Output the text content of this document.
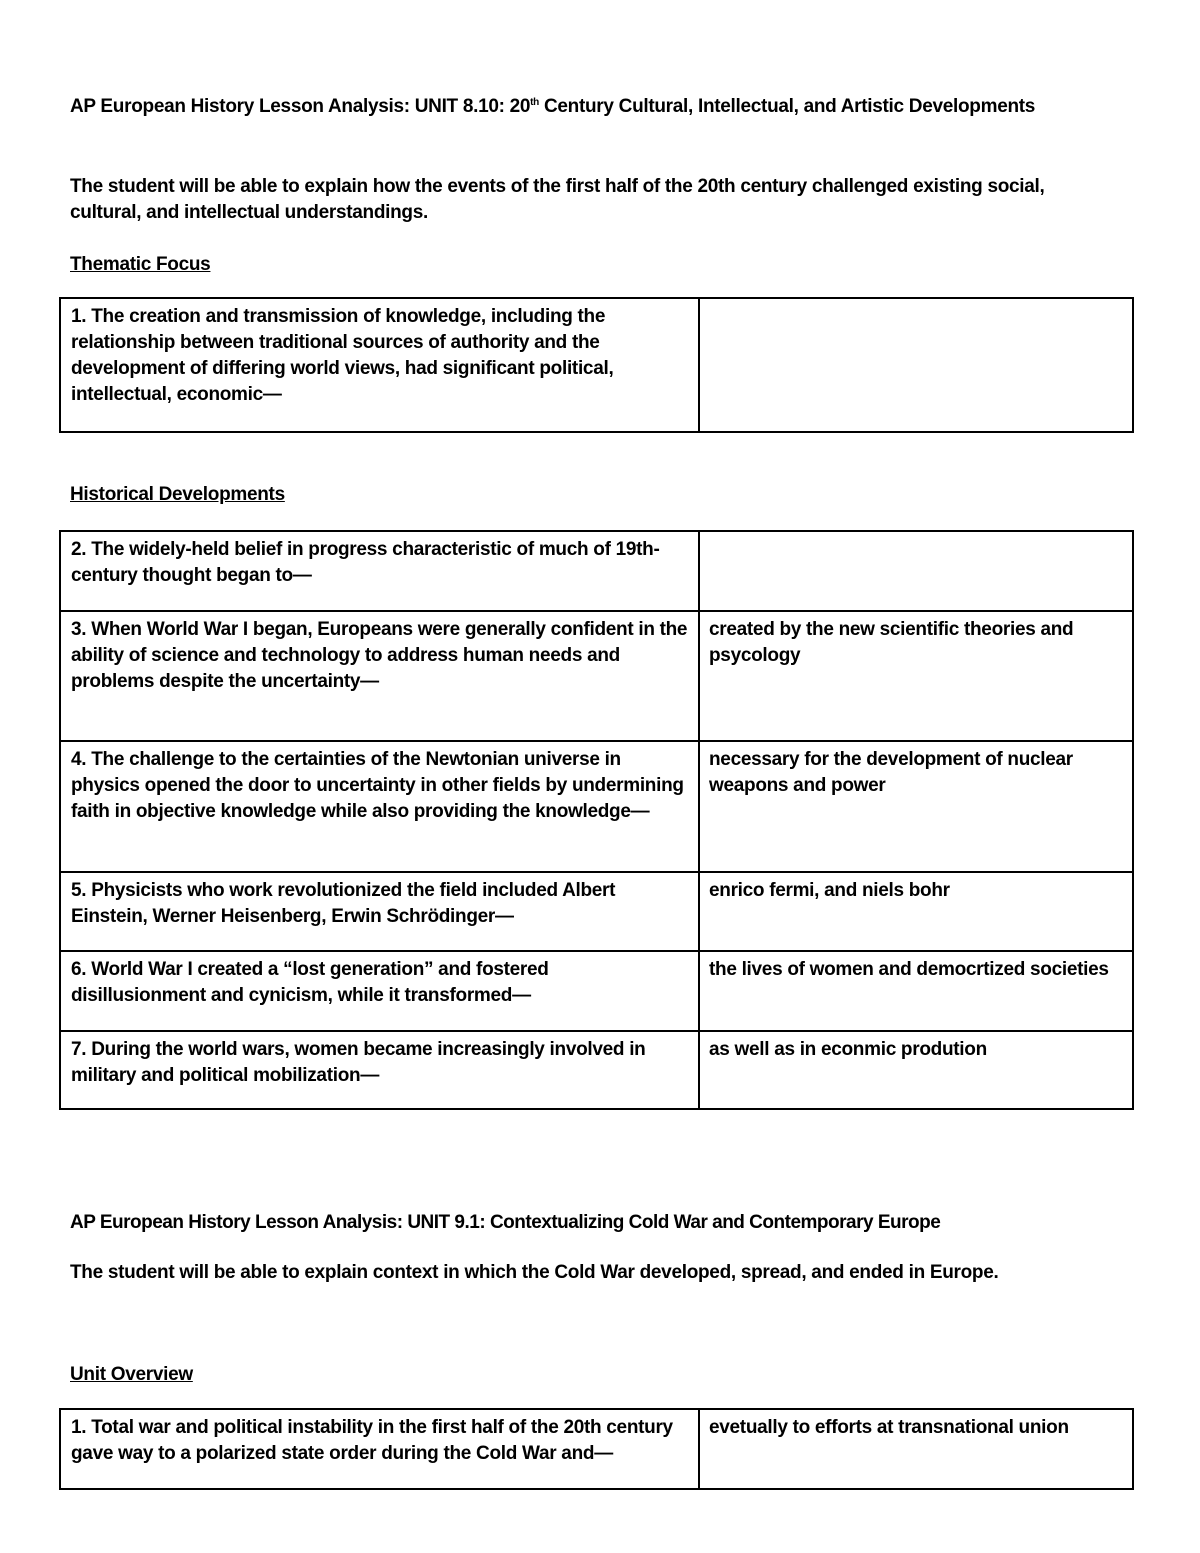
AP European History Lesson Analysis: UNIT 8.10: 20th Century Cultural, Intellectual, and Artistic Developments
The student will be able to explain how the events of the first half of the 20th century challenged existing social, cultural, and intellectual understandings.
Thematic Focus
1. The creation and transmission of knowledge, including the relationship between traditional sources of authority and the development of differing world views, had significant political, intellectual, economic—	
Historical Developments
2. The widely-held belief in progress characteristic of much of 19th-century thought began to—	
3. When World War I began, Europeans were generally confident in the ability of science and technology to address human needs and problems despite the uncertainty—	created by the new scientific theories and psycology
4. The challenge to the certainties of the Newtonian universe in physics opened the door to uncertainty in other fields by undermining faith in objective knowledge while also providing the knowledge—	necessary for the development of nuclear weapons and power
5. Physicists who work revolutionized the field included Albert Einstein, Werner Heisenberg, Erwin Schrödinger—	enrico fermi, and niels bohr
6. World War I created a “lost generation” and fostered disillusionment and cynicism, while it transformed—	the lives of women and democrtized societies
7. During the world wars, women became increasingly involved in military and political mobilization—	as well as in econmic prodution
AP European History Lesson Analysis: UNIT 9.1: Contextualizing Cold War and Contemporary Europe
The student will be able to explain context in which the Cold War developed, spread, and ended in Europe.
Unit Overview
1. Total war and political instability in the first half of the 20th century gave way to a polarized state order during the Cold War and—	evetually to efforts at transnational union
